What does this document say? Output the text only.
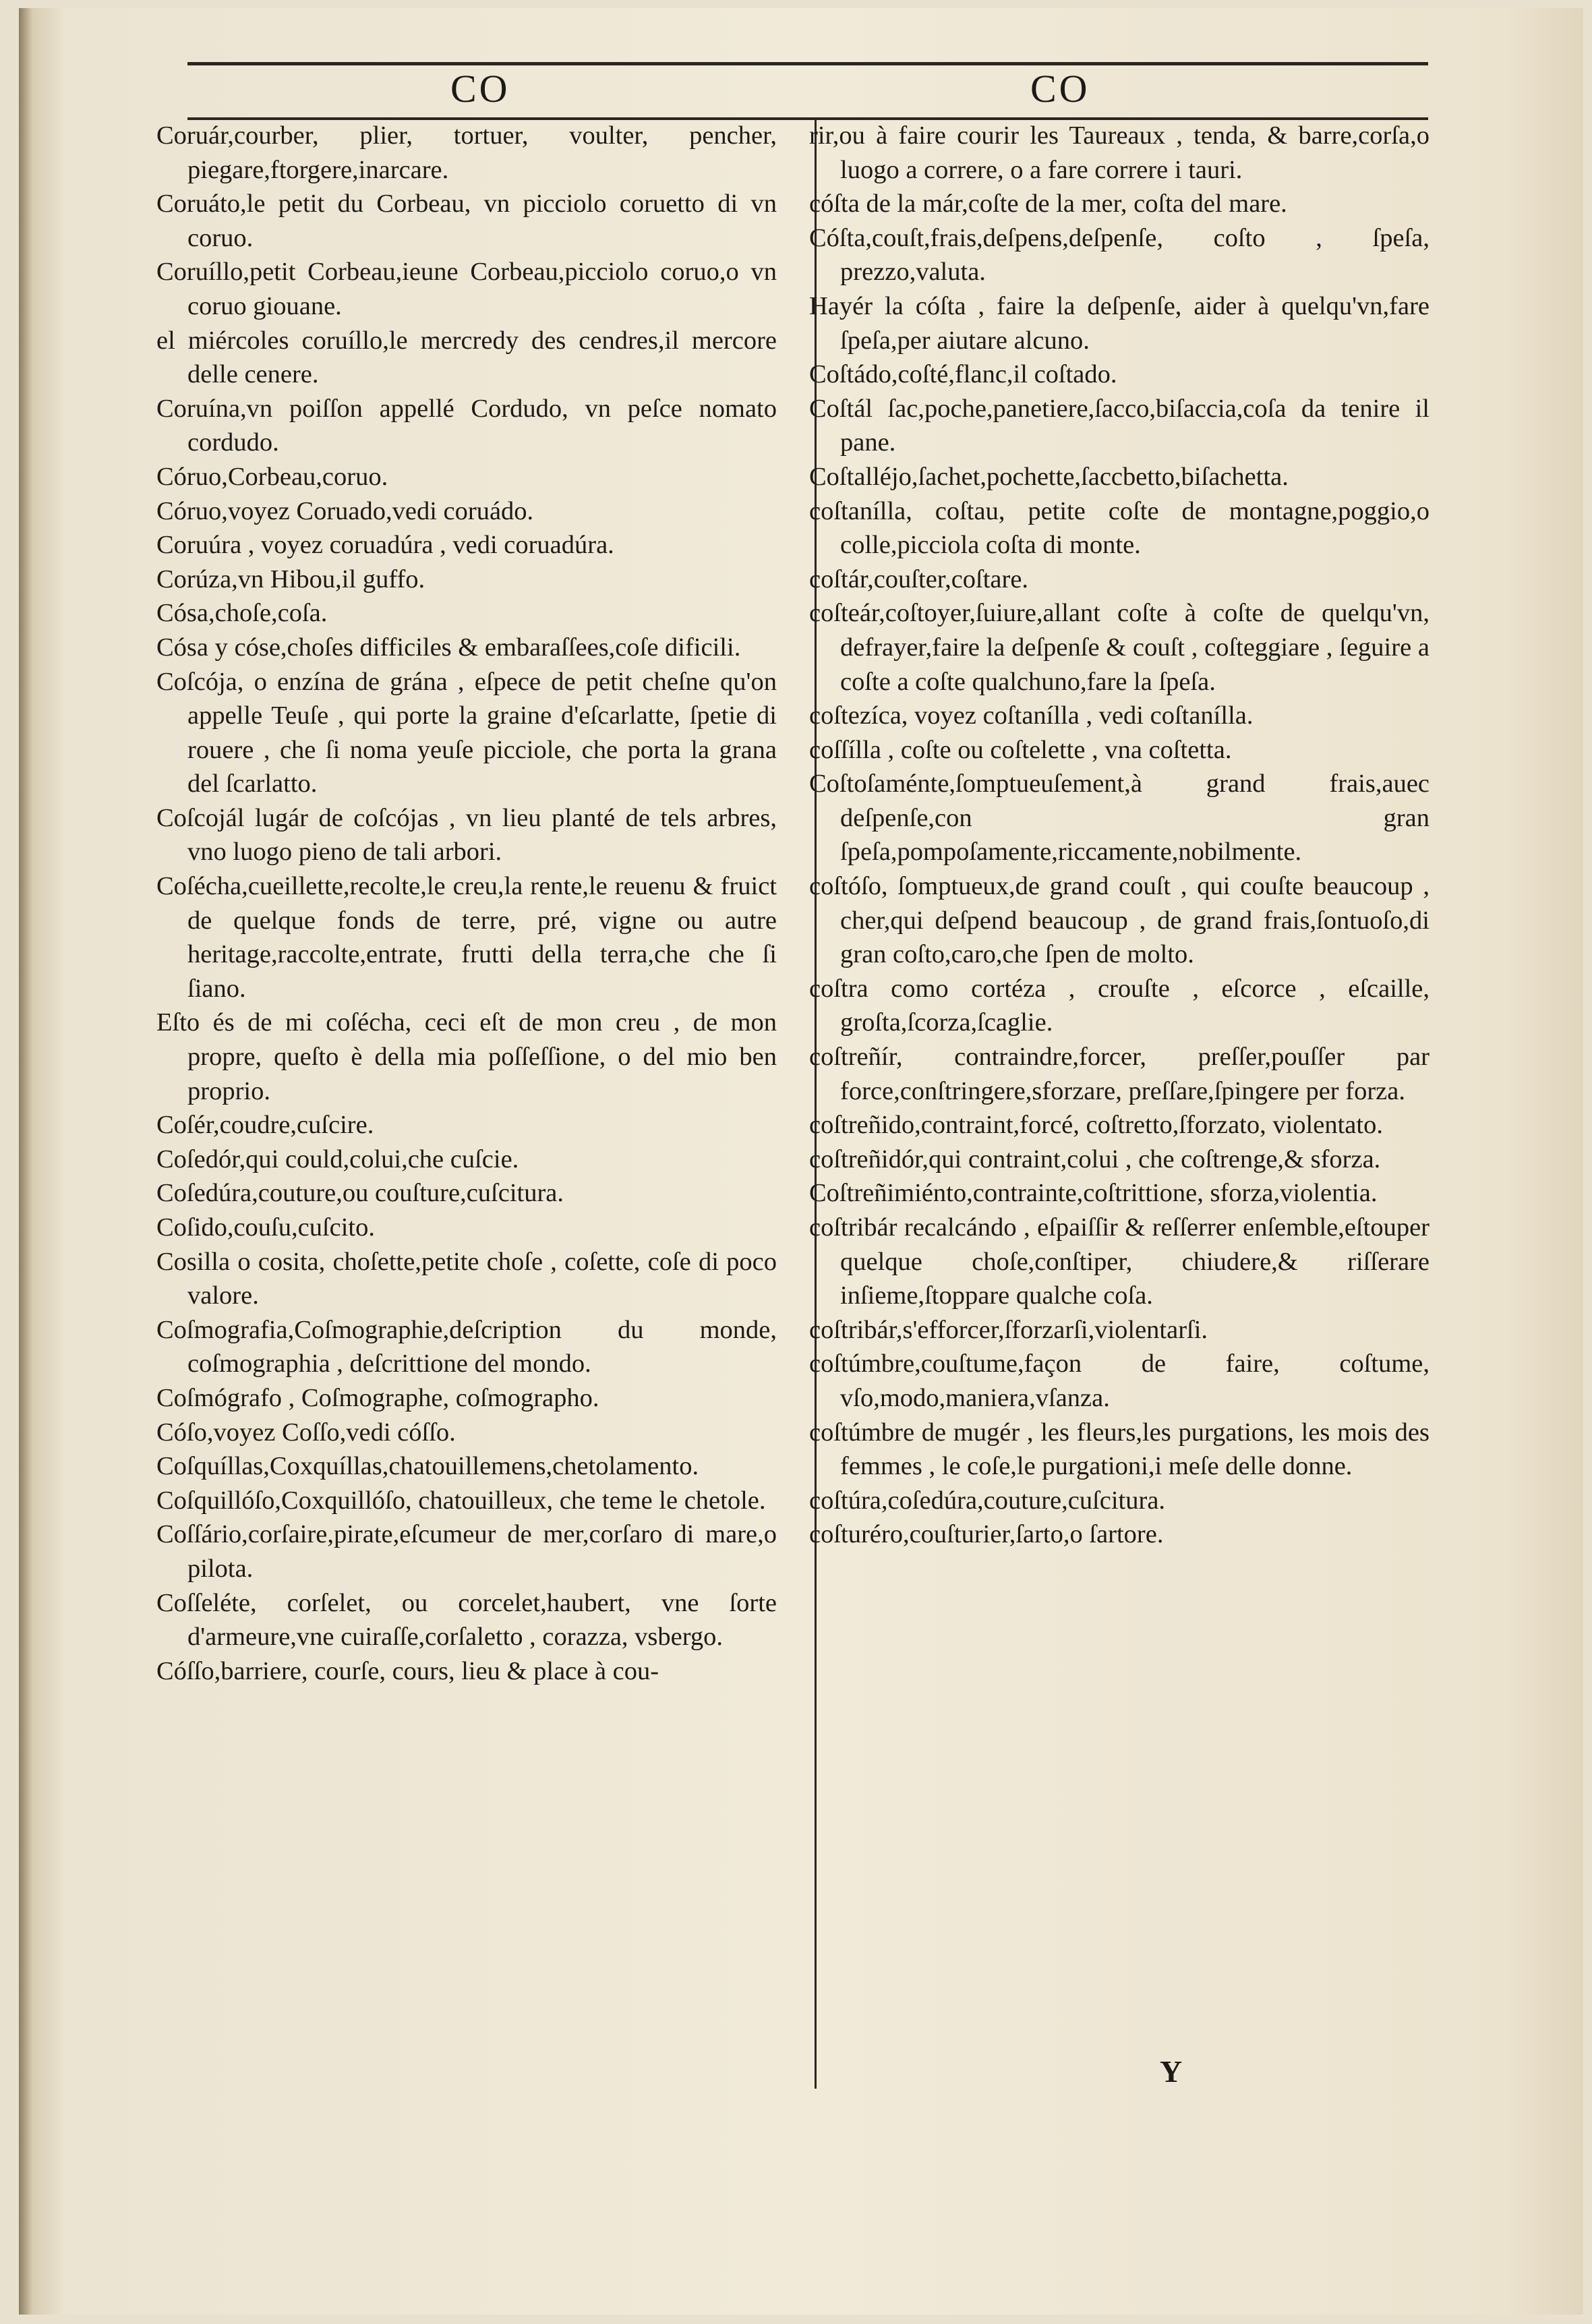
CO	CO

Coruár,courber, plier, tortuer, voulter, pencher, piegare,ftorgere,inarcare.

Coruáto,le petit du Corbeau, vn picciolo coruetto di vn coruo.

Coruíllo,petit Corbeau,ieune Corbeau,picciolo coruo,o vn coruo giouane.

el miércoles coruíllo,le mercredy des cendres,il mercore delle cenere.

Coruína,vn poiſſon appellé Cordudo, vn peſce nomato cordudo.

Córuo,Corbeau,coruo.

Córuo,voyez Coruado,vedi coruádo.

Coruúra , voyez coruadúra , vedi coruadúra.

Corúza,vn Hibou,il guffo.

Cósa,choſe,coſa.

Cósa y cóse,choſes difficiles & embaraſſees,coſe dificili.

Coſcója, o enzína de grána , eſpece de petit cheſne qu'on appelle Teuſe , qui porte la graine d'eſcarlatte, ſpetie di rouere , che ſi noma yeuſe picciole, che porta la grana del ſcarlatto.

Coſcojál lugár de coſcójas , vn lieu planté de tels arbres, vno luogo pieno de tali arbori.

Coſécha,cueillette,recolte,le creu,la rente,le reuenu & fruict de quelque fonds de terre, pré, vigne ou autre heritage,raccolte,entrate, frutti della terra,che che ſi ſiano.

Eſto és de mi coſécha, ceci eſt de mon creu , de mon propre, queſto è della mia poſſeſſione, o del mio ben proprio.

Coſér,coudre,cuſcire.

Coſedór,qui could,colui,che cuſcie.

Coſedúra,couture,ou couſture,cuſcitura.

Coſido,couſu,cuſcito.

Cosilla o cosita, choſette,petite choſe , coſette, coſe di poco valore.

Coſmografia,Coſmographie,deſcription du monde, coſmographia , deſcrittione del mondo.

Coſmógrafo , Coſmographe, coſmographo.

Cóſo,voyez Coſſo,vedi cóſſo.

Coſquíllas,Coxquíllas,chatouillemens,chetolamento.

Coſquillóſo,Coxquillóſo, chatouilleux, che teme le chetole.

Coſſário,corſaire,pirate,eſcumeur de mer,corſaro di mare,o pilota.

Coſſeléte, corſelet, ou corcelet,haubert, vne ſorte d'armeure,vne cuiraſſe,corſaletto , corazza, vsbergo.

Cóſſo,barriere, courſe, cours, lieu & place à cou-

rir,ou à faire courir les Taureaux , tenda, & barre,corſa,o luogo a correre, o a fare correre i tauri.

cóſta de la már,coſte de la mer, coſta del mare.

Cóſta,couſt,frais,deſpens,deſpenſe, coſto , ſpeſa, prezzo,valuta.

Hayér la cóſta , faire la deſpenſe, aider à quelqu'vn,fare ſpeſa,per aiutare alcuno.

Coſtádo,coſté,flanc,il coſtado.

Coſtál ſac,poche,panetiere,ſacco,biſaccia,coſa da tenire il pane.

Coſtalléjo,ſachet,pochette,ſaccbetto,biſachetta.

coſtanílla, coſtau, petite coſte de montagne,poggio,o colle,picciola coſta di monte.

coſtár,couſter,coſtare.

coſteár,coſtoyer,ſuiure,allant coſte à coſte de quelqu'vn, defrayer,faire la deſpenſe & couſt , coſteggiare , ſeguire a coſte a coſte qualchuno,fare la ſpeſa.

coſtezíca, voyez coſtanílla , vedi coſtanílla.

coſſílla , coſte ou coſtelette , vna coſtetta.

Coſtoſaménte,ſomptueuſement,à grand frais,auec deſpenſe,con gran ſpeſa,pompoſamente,riccamente,nobilmente.

coſtóſo, ſomptueux,de grand couſt , qui couſte beaucoup , cher,qui deſpend beaucoup , de grand frais,ſontuoſo,di gran coſto,caro,che ſpen de molto.

coſtra como cortéza , crouſte , eſcorce , eſcaille, groſta,ſcorza,ſcaglie.

coſtreñír, contraindre,forcer, preſſer,pouſſer par force,conſtringere,sforzare, preſſare,ſpingere per forza.

coſtreñido,contraint,forcé, coſtretto,ſforzato, violentato.

coſtreñidór,qui contraint,colui , che coſtrenge,& sforza.

Coſtreñimiénto,contrainte,coſtrittione, sforza,violentia.

coſtribár recalcándo , eſpaiſſir & reſſerrer enſemble,eſtouper quelque choſe,conſtiper, chiudere,& riſſerare inſieme,ſtoppare qualche coſa.

coſtribár,s'efforcer,ſforzarſi,violentarſi.

coſtúmbre,couſtume,façon de faire, coſtume, vſo,modo,maniera,vſanza.

coſtúmbre de mugér , les fleurs,les purgations, les mois des femmes , le coſe,le purgationi,i meſe delle donne.

coſtúra,coſedúra,couture,cuſcitura.

coſturéro,couſturier,ſarto,o ſartore.

Y
